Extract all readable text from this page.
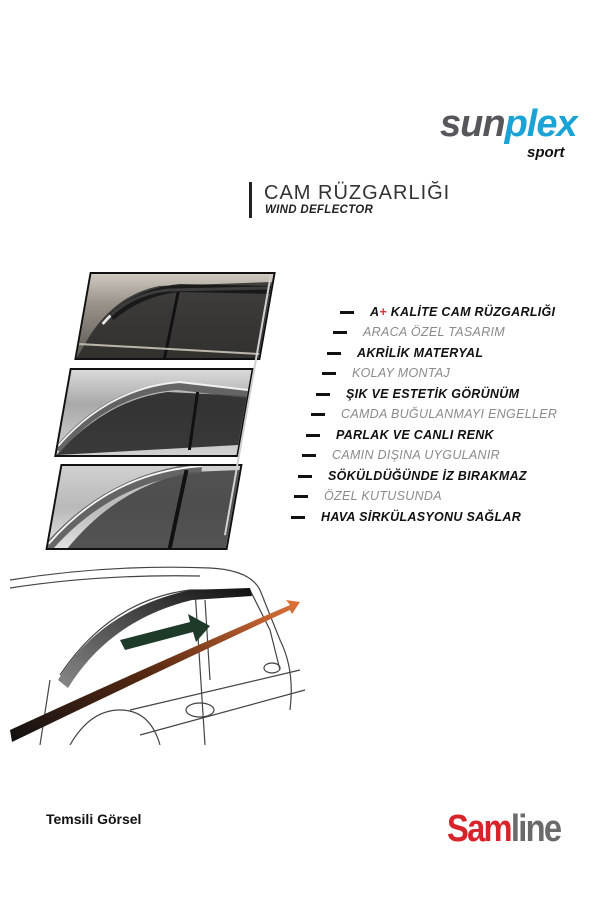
sunplex
sport
CAM RÜZGARLIĞI
WIND DEFLECTOR
A+ KALİTE CAM RÜZGARLIĞI
ARACA ÖZEL TASARIM
AKRİLİK MATERYAL
KOLAY MONTAJ
ŞIK VE ESTETİK GÖRÜNÜM
CAMDA BUĞULANMAYI ENGELLER
PARLAK VE CANLI RENK
CAMIN DIŞINA UYGULANIR
SÖKÜLDÜĞÜNDE İZ BIRAKMAZ
ÖZEL KUTUSUNDA
HAVA SİRKÜLASYONU SAĞLAR
Temsili Görsel	Samline
